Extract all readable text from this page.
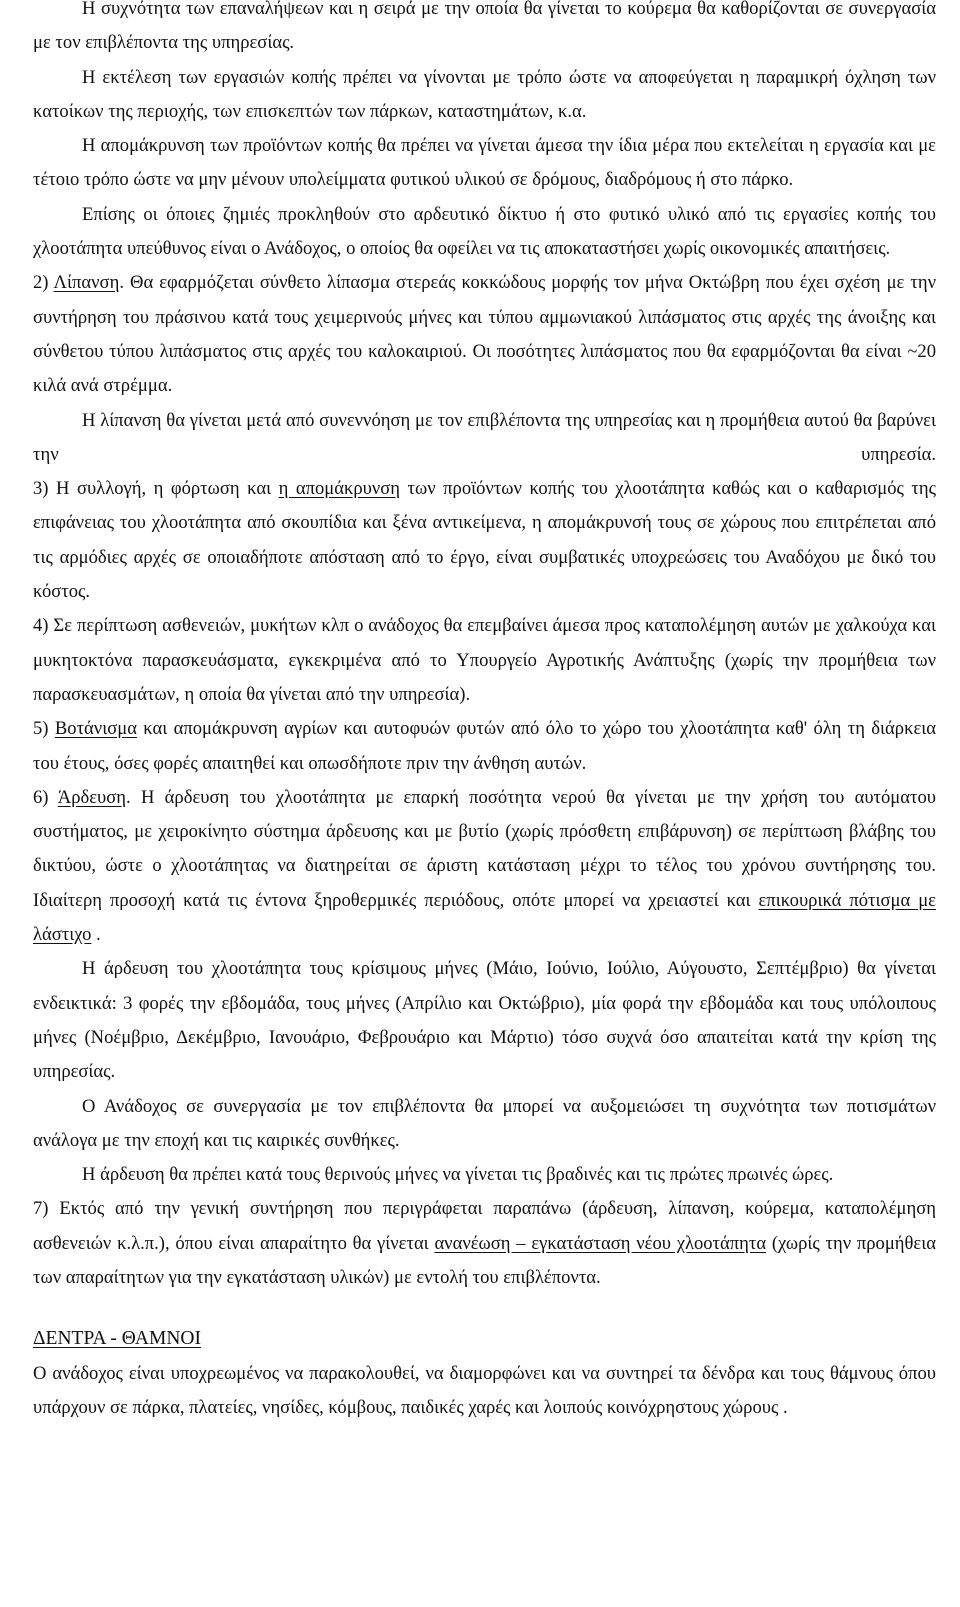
Η συχνότητα των επαναλήψεων και η σειρά με την οποία θα γίνεται το κούρεμα θα καθορίζονται σε συνεργασία με τον επιβλέποντα της υπηρεσίας.

Η εκτέλεση των εργασιών κοπής πρέπει να γίνονται με τρόπο ώστε να αποφεύγεται η παραμικρή όχληση των κατοίκων της περιοχής, των επισκεπτών των πάρκων, καταστημάτων, κ.α.

Η απομάκρυνση των προϊόντων κοπής θα πρέπει να γίνεται άμεσα την ίδια μέρα που εκτελείται η εργασία και με τέτοιο τρόπο ώστε να μην μένουν υπολείμματα φυτικού υλικού σε δρόμους, διαδρόμους ή στο πάρκο.

Επίσης οι όποιες ζημιές προκληθούν στο αρδευτικό δίκτυο ή στο φυτικό υλικό από τις εργασίες κοπής του χλοοτάπητα υπεύθυνος είναι ο Ανάδοχος, ο οποίος θα οφείλει να τις αποκαταστήσει χωρίς οικονομικές απαιτήσεις.

2) Λίπανση. Θα εφαρμόζεται σύνθετο λίπασμα στερεάς κοκκώδους μορφής τον μήνα Οκτώβρη που έχει σχέση με την συντήρηση του πράσινου κατά τους χειμερινούς μήνες και τύπου αμμωνιακού λιπάσματος στις αρχές της άνοιξης και σύνθετου τύπου λιπάσματος στις αρχές του καλοκαιριού. Οι ποσότητες λιπάσματος που θα εφαρμόζονται θα είναι ~20 κιλά ανά στρέμμα.

Η λίπανση θα γίνεται μετά από συνεννόηση με τον επιβλέποντα της υπηρεσίας και η προμήθεια αυτού θα βαρύνει την υπηρεσία.

3) Η συλλογή, η φόρτωση και η απομάκρυνση των προϊόντων κοπής του χλοοτάπητα καθώς και ο καθαρισμός της επιφάνειας του χλοοτάπητα από σκουπίδια και ξένα αντικείμενα, η απομάκρυνσή τους σε χώρους που επιτρέπεται από τις αρμόδιες αρχές σε οποιαδήποτε απόσταση από το έργο, είναι συμβατικές υποχρεώσεις του Αναδόχου με δικό του κόστος.

4) Σε περίπτωση ασθενειών, μυκήτων κλπ ο ανάδοχος θα επεμβαίνει άμεσα προς καταπολέμηση αυτών με χαλκούχα και μυκητοκτόνα παρασκευάσματα, εγκεκριμένα από το Υπουργείο Αγροτικής Ανάπτυξης (χωρίς την προμήθεια των παρασκευασμάτων, η οποία θα γίνεται από την υπηρεσία).

5) Βοτάνισμα και απομάκρυνση αγρίων και αυτοφυών φυτών από όλο το χώρο του χλοοτάπητα καθ' όλη τη διάρκεια του έτους, όσες φορές απαιτηθεί και οπωσδήποτε πριν την άνθηση αυτών.

6) Άρδευση. Η άρδευση του χλοοτάπητα με επαρκή ποσότητα νερού θα γίνεται με την χρήση του αυτόματου συστήματος, με χειροκίνητο σύστημα άρδευσης και με βυτίο (χωρίς πρόσθετη επιβάρυνση) σε περίπτωση βλάβης του δικτύου, ώστε ο χλοοτάπητας να διατηρείται σε άριστη κατάσταση μέχρι το τέλος του χρόνου συντήρησης του. Ιδιαίτερη προσοχή κατά τις έντονα ξηροθερμικές περιόδους, οπότε μπορεί να χρειαστεί και επικουρικά πότισμα με λάστιχο .

Η άρδευση του χλοοτάπητα τους κρίσιμους μήνες (Μάιο, Ιούνιο, Ιούλιο, Αύγουστο, Σεπτέμβριο) θα γίνεται ενδεικτικά: 3 φορές την εβδομάδα, τους μήνες (Απρίλιο και Οκτώβριο), μία φορά την εβδομάδα και τους υπόλοιπους μήνες (Νοέμβριο, Δεκέμβριο, Ιανουάριο, Φεβρουάριο και Μάρτιο) τόσο συχνά όσο απαιτείται κατά την κρίση της υπηρεσίας.

Ο Ανάδοχος σε συνεργασία με τον επιβλέποντα θα μπορεί να αυξομειώσει τη συχνότητα των ποτισμάτων ανάλογα με την εποχή και τις καιρικές συνθήκες.

Η άρδευση θα πρέπει κατά τους θερινούς μήνες να γίνεται τις βραδινές και τις πρώτες πρωινές ώρες.

7) Εκτός από την γενική συντήρηση που περιγράφεται παραπάνω (άρδευση, λίπανση, κούρεμα, καταπολέμηση ασθενειών κ.λ.π.), όπου είναι απαραίτητο θα γίνεται ανανέωση – εγκατάσταση νέου χλοοτάπητα (χωρίς την προμήθεια των απαραίτητων για την εγκατάσταση υλικών) με εντολή του επιβλέποντα.

ΔΕΝΤΡΑ - ΘΑΜΝΟΙ

Ο ανάδοχος είναι υποχρεωμένος να παρακολουθεί, να διαμορφώνει και να συντηρεί τα δένδρα και τους θάμνους όπου υπάρχουν σε πάρκα, πλατείες, νησίδες, κόμβους, παιδικές χαρές και λοιπούς κοινόχρηστους χώρους .
